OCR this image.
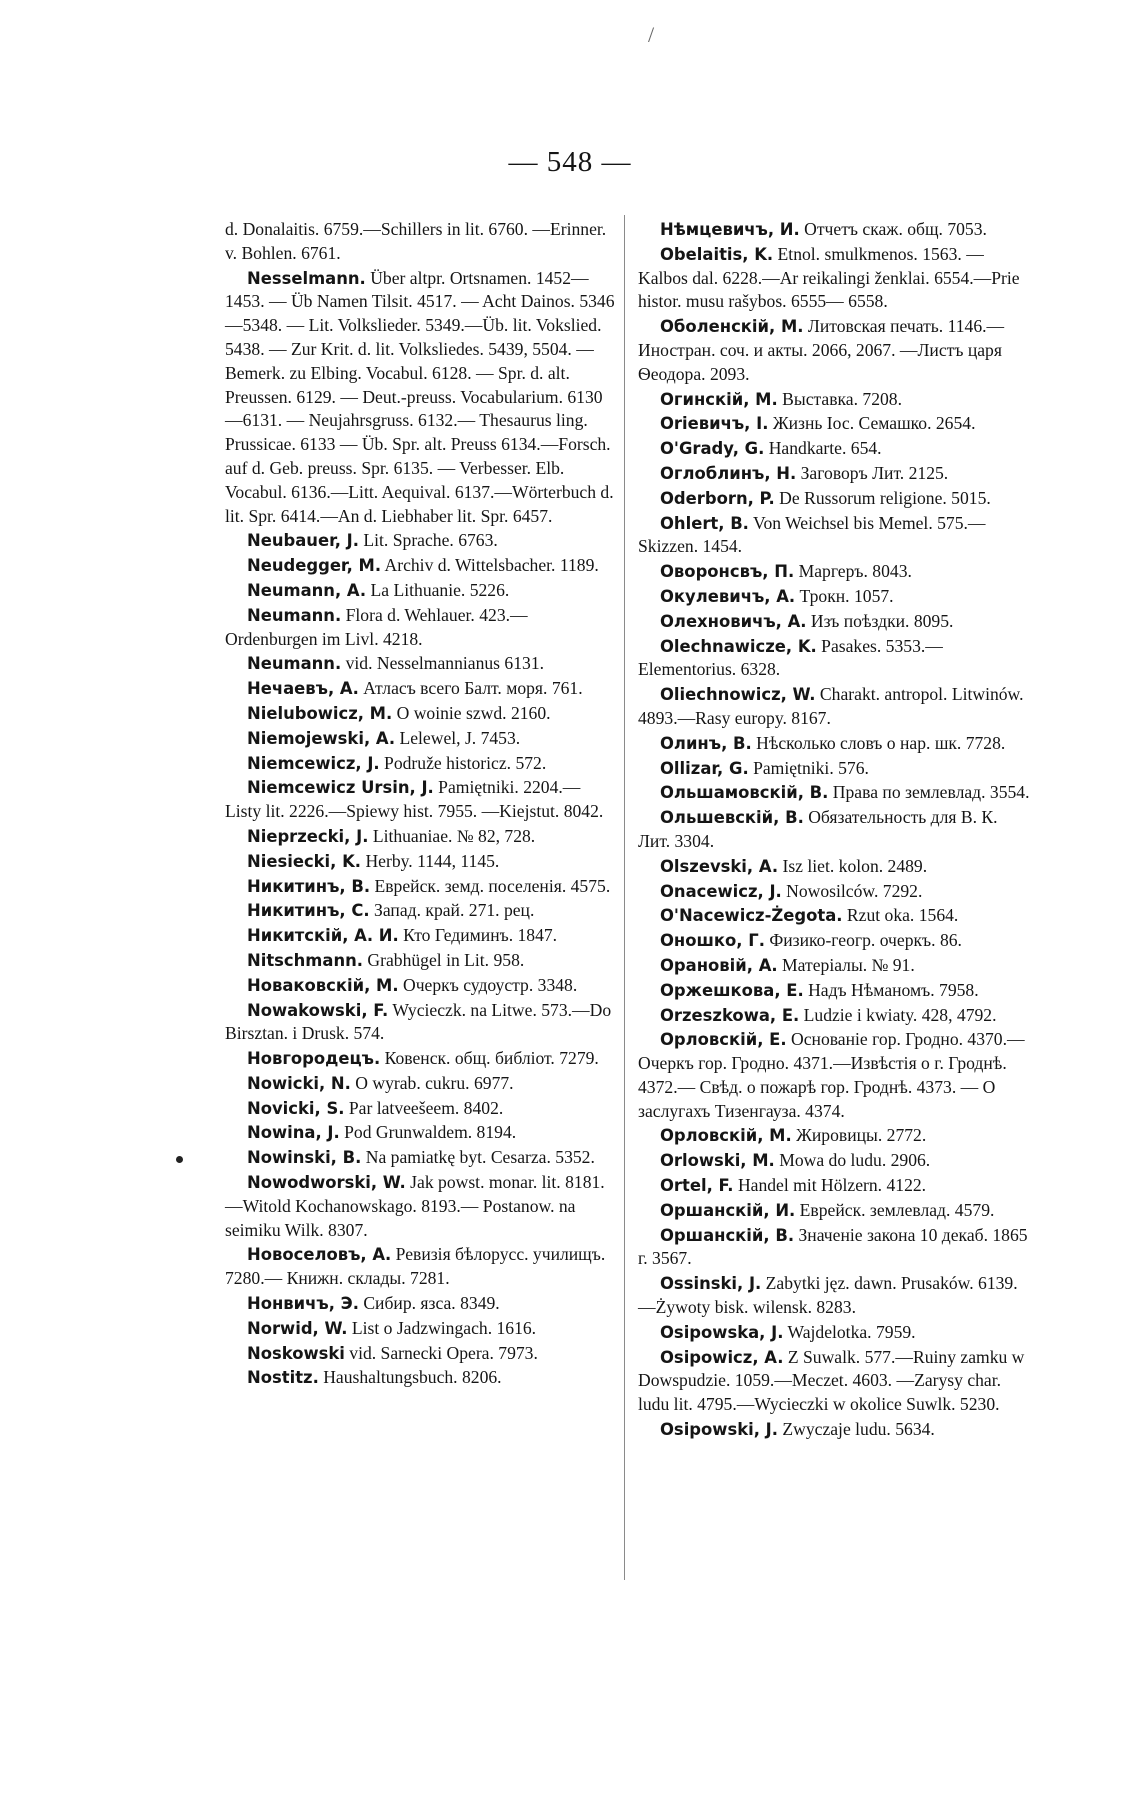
/
— 548 —
d. Donalaitis. 6759.—Schillers in lit. 6760. —Erinner. v. Bohlen. 6761.
Nesselmann. Über altpr. Ortsnamen. 1452—1453. — Üb Namen Tilsit. 4517. — Acht Dainos. 5346—5348. — Lit. Volkslieder. 5349.—Üb. lit. Vokslied. 5438. — Zur Krit. d. lit. Volksliedes. 5439, 5504. — Bemerk. zu Elbing. Vocabul. 6128. — Spr. d. alt. Preussen. 6129. — Deut.-preuss. Vocabularium. 6130—6131. — Neujahrsgruss. 6132.— Thesaurus ling. Prussicae. 6133 — Üb. Spr. alt. Preuss 6134.—Forsch. auf d. Geb. preuss. Spr. 6135. — Verbesser. Elb. Vocabul. 6136.—Litt. Aequival. 6137.—Wörterbuch d. lit. Spr. 6414.—An d. Liebhaber lit. Spr. 6457.
Neubauer, J. Lit. Sprache. 6763.
Neudegger, M. Archiv d. Wittelsbacher. 1189.
Neumann, A. La Lithuanie. 5226.
Neumann. Flora d. Wehlauer. 423.— Ordenburgen im Livl. 4218.
Neumann. vid. Nesselmannianus 6131.
Нечаевъ, А. Атласъ всего Балт. моря. 761.
Nielubowicz, M. O woinie szwd. 2160.
Niemojewski, A. Lelewel, J. 7453.
Niemcewicz, J. Podruže historicz. 572.
Niemcewicz Ursin, J. Pamiętniki. 2204.—Listy lit. 2226.—Spiewy hist. 7955. —Kiejstut. 8042.
Nieprzecki, J. Lithuaniae. № 82, 728.
Niesiecki, K. Herby. 1144, 1145.
Никитинъ, В. Еврейск. земд. поселенія. 4575.
Никитинъ, С. Запад. край. 271. рец.
Никитскій, А. И. Кто Гедиминъ. 1847.
Nitschmann. Grabhügel in Lit. 958.
Новаковскій, М. Очеркъ судоустр. 3348.
Nowakowski, F. Wycieczk. na Litwe. 573.—Do Birsztan. i Drusk. 574.
Новгородецъ. Ковенск. общ. библіот. 7279.
Nowicki, N. O wyrab. cukru. 6977.
Novicki, S. Par latveešeem. 8402.
Nowina, J. Pod Grunwaldem. 8194.
Nowinski, B. Na pamiatkę byt. Cesarza. 5352.
Nowodworski, W. Jak powst. monar. lit. 8181.—Witold Kochanowskago. 8193.— Postanow. na sеimiku Wilk. 8307.
Новоселовъ, А. Ревизія бѣлорусс. училищъ. 7280.— Книжн. склады. 7281.
Нонвичъ, Э. Сибир. язса. 8349.
Norwid, W. List o Jadzwingach. 1616.
Noskowski vid. Sarnecki Opera. 7973.
Nostitz. Haushaltungsbuch. 8206.
Нѣмцевичъ, И. Отчетъ скаж. общ. 7053.
Obelaitis, K. Etnol. smulkmenos. 1563. —Kalbos dal. 6228.—Ar reikalingi ženklai. 6554.—Prie histor. musu rašybos. 6555— 6558.
Оболенскій, М. Литовская печать. 1146.—Иностран. соч. и акты. 2066, 2067. —Листъ царя Ѳеодора. 2093.
Огинскій, М. Выставка. 7208.
Orieвичъ, I. Жизнь Іос. Семашко. 2654.
O'Grady, G. Handkarte. 654.
Оглоблинъ, Н. Заговоръ Лит. 2125.
Oderborn, P. De Russorum religione. 5015.
Ohlert, B. Von Weichsel bis Memel. 575.—Skizzen. 1454.
Оворонсвъ, П. Маргеръ. 8043.
Окулевичъ, А. Трокн. 1057.
Олехновичъ, А. Изъ поѣздки. 8095.
Olechnawicze, K. Pasakes. 5353.— Elementorius. 6328.
Oliechnowicz, W. Charakt. antropol. Litwinów. 4893.—Rasy europy. 8167.
Олинъ, В. Нѣсколько словъ о нар. шк. 7728.
Ollizar, G. Pamiętniki. 576.
Ольшамовскій, В. Права по землевлад. 3554.
Ольшевскій, В. Обязательность для В. К. Лит. 3304.
Olszevski, A. Isz liet. kolon. 2489.
Onacewicz, J. Nowosilców. 7292.
O'Nacewicz-Żegota. Rzut oka. 1564.
Оношко, Г. Физико-геогр. очеркъ. 86.
Орановій, А. Матеріалы. № 91.
Оржешкова, Е. Надъ Нѣманомъ. 7958.
Orzeszkowa, E. Ludzie i kwiaty. 428, 4792.
Орловскій, Е. Основаніе гор. Гродно. 4370.—Очеркъ гор. Гродно. 4371.—Извѣстія о г. Гроднѣ. 4372.— Свѣд. о пожарѣ гор. Гроднѣ. 4373. — О заслугахъ Тизенгауза. 4374.
Орловскій, М. Жировицы. 2772.
Orlowski, M. Mowa do ludu. 2906.
Ortel, F. Handel mit Hölzern. 4122.
Оршанскій, И. Еврейск. землевлад. 4579.
Оршанскій, В. Значеніе закона 10 декаб. 1865 г. 3567.
Ossinski, J. Zabytki jęz. dawn. Prusaków. 6139.—Żywoty bisk. wilensk. 8283.
Osipowska, J. Wajdelotka. 7959.
Osipowicz, A. Z Suwalk. 577.—Ruiny zamku w Dowspudzie. 1059.—Meczet. 4603. —Zarysy char. ludu lit. 4795.—Wycieczki w okolice Suwlk. 5230.
Osipowski, J. Zwyczaje ludu. 5634.
